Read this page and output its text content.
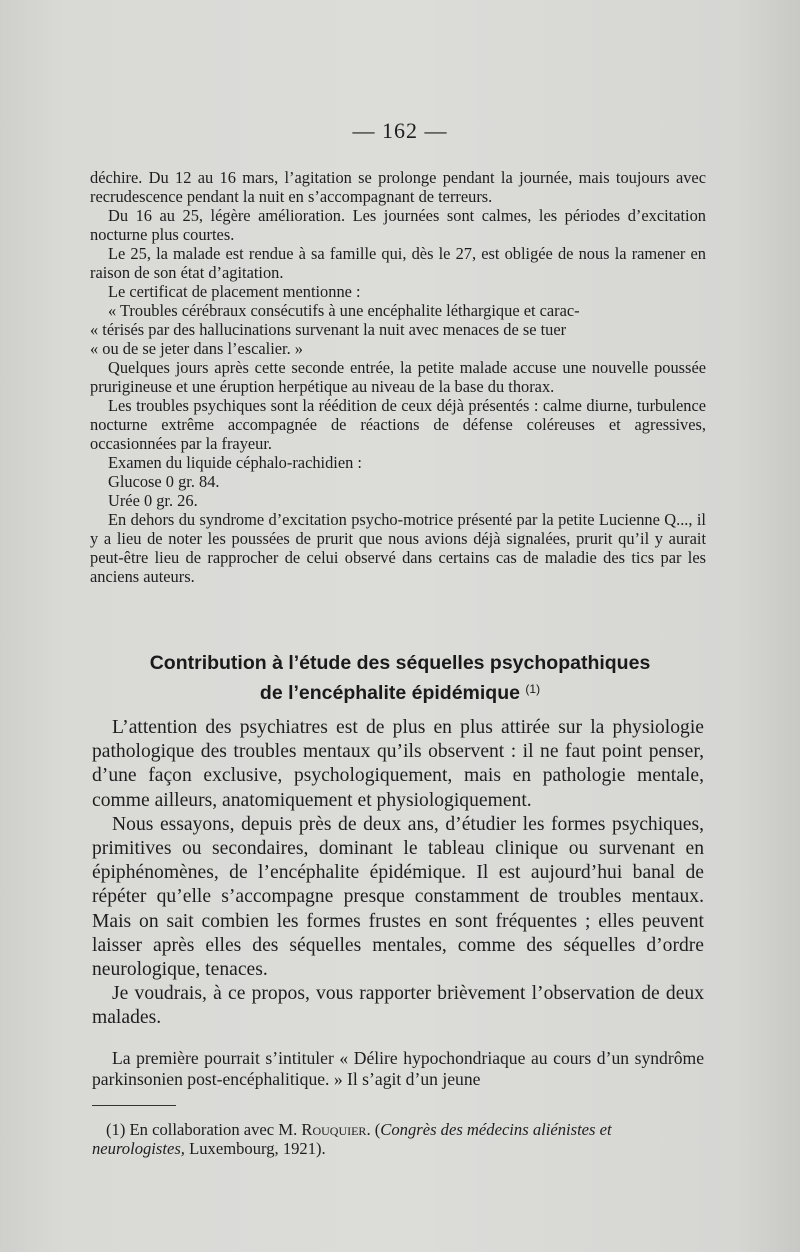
— 162 —

déchire. Du 12 au 16 mars, l’agitation se prolonge pendant la journée, mais toujours avec recrudescence pendant la nuit en s’accompagnant de terreurs.

Du 16 au 25, légère amélioration. Les journées sont calmes, les périodes d’excitation nocturne plus courtes.

Le 25, la malade est rendue à sa famille qui, dès le 27, est obligée de nous la ramener en raison de son état d’agitation.

Le certificat de placement mentionne :

« Troubles cérébraux consécutifs à une encéphalite léthargique et carac-

« térisés par des hallucinations survenant la nuit avec menaces de se tuer

« ou de se jeter dans l’escalier. »

Quelques jours après cette seconde entrée, la petite malade accuse une nouvelle poussée prurigineuse et une éruption herpétique au niveau de la base du thorax.

Les troubles psychiques sont la réédition de ceux déjà présentés : calme diurne, turbulence nocturne extrême accompagnée de réactions de défense coléreuses et agressives, occasionnées par la frayeur.

Examen du liquide céphalo-rachidien :

Glucose 0 gr. 84.

Urée 0 gr. 26.

En dehors du syndrome d’excitation psycho-motrice présenté par la petite Lucienne Q..., il y a lieu de noter les poussées de prurit que nous avions déjà signalées, prurit qu’il y aurait peut-être lieu de rapprocher de celui observé dans certains cas de maladie des tics par les anciens auteurs.

Contribution à l’étude des séquelles psychopathiques
de l’encéphalite épidémique $^{(1)}$

L’attention des psychiatres est de plus en plus attirée sur la physiologie pathologique des troubles mentaux qu’ils observent : il ne faut point penser, d’une façon exclusive, psychologiquement, mais en pathologie mentale, comme ailleurs, anatomiquement et physiologiquement.

Nous essayons, depuis près de deux ans, d’étudier les formes psychiques, primitives ou secondaires, dominant le tableau clinique ou survenant en épiphénomènes, de l’encéphalite épidémique. Il est aujourd’hui banal de répéter qu’elle s’accompagne presque constamment de troubles mentaux. Mais on sait combien les formes frustes en sont fréquentes ; elles peuvent laisser après elles des séquelles mentales, comme des séquelles d’ordre neurologique, tenaces.

Je voudrais, à ce propos, vous rapporter brièvement l’observation de deux malades.

La première pourrait s’intituler « Délire hypochondriaque au cours d’un syndrôme parkinsonien post-encéphalitique. » Il s’agit d’un jeune

(1) En collaboration avec M. Rouquier. (Congrès des médecins aliénistes et neurologistes, Luxembourg, 1921).
